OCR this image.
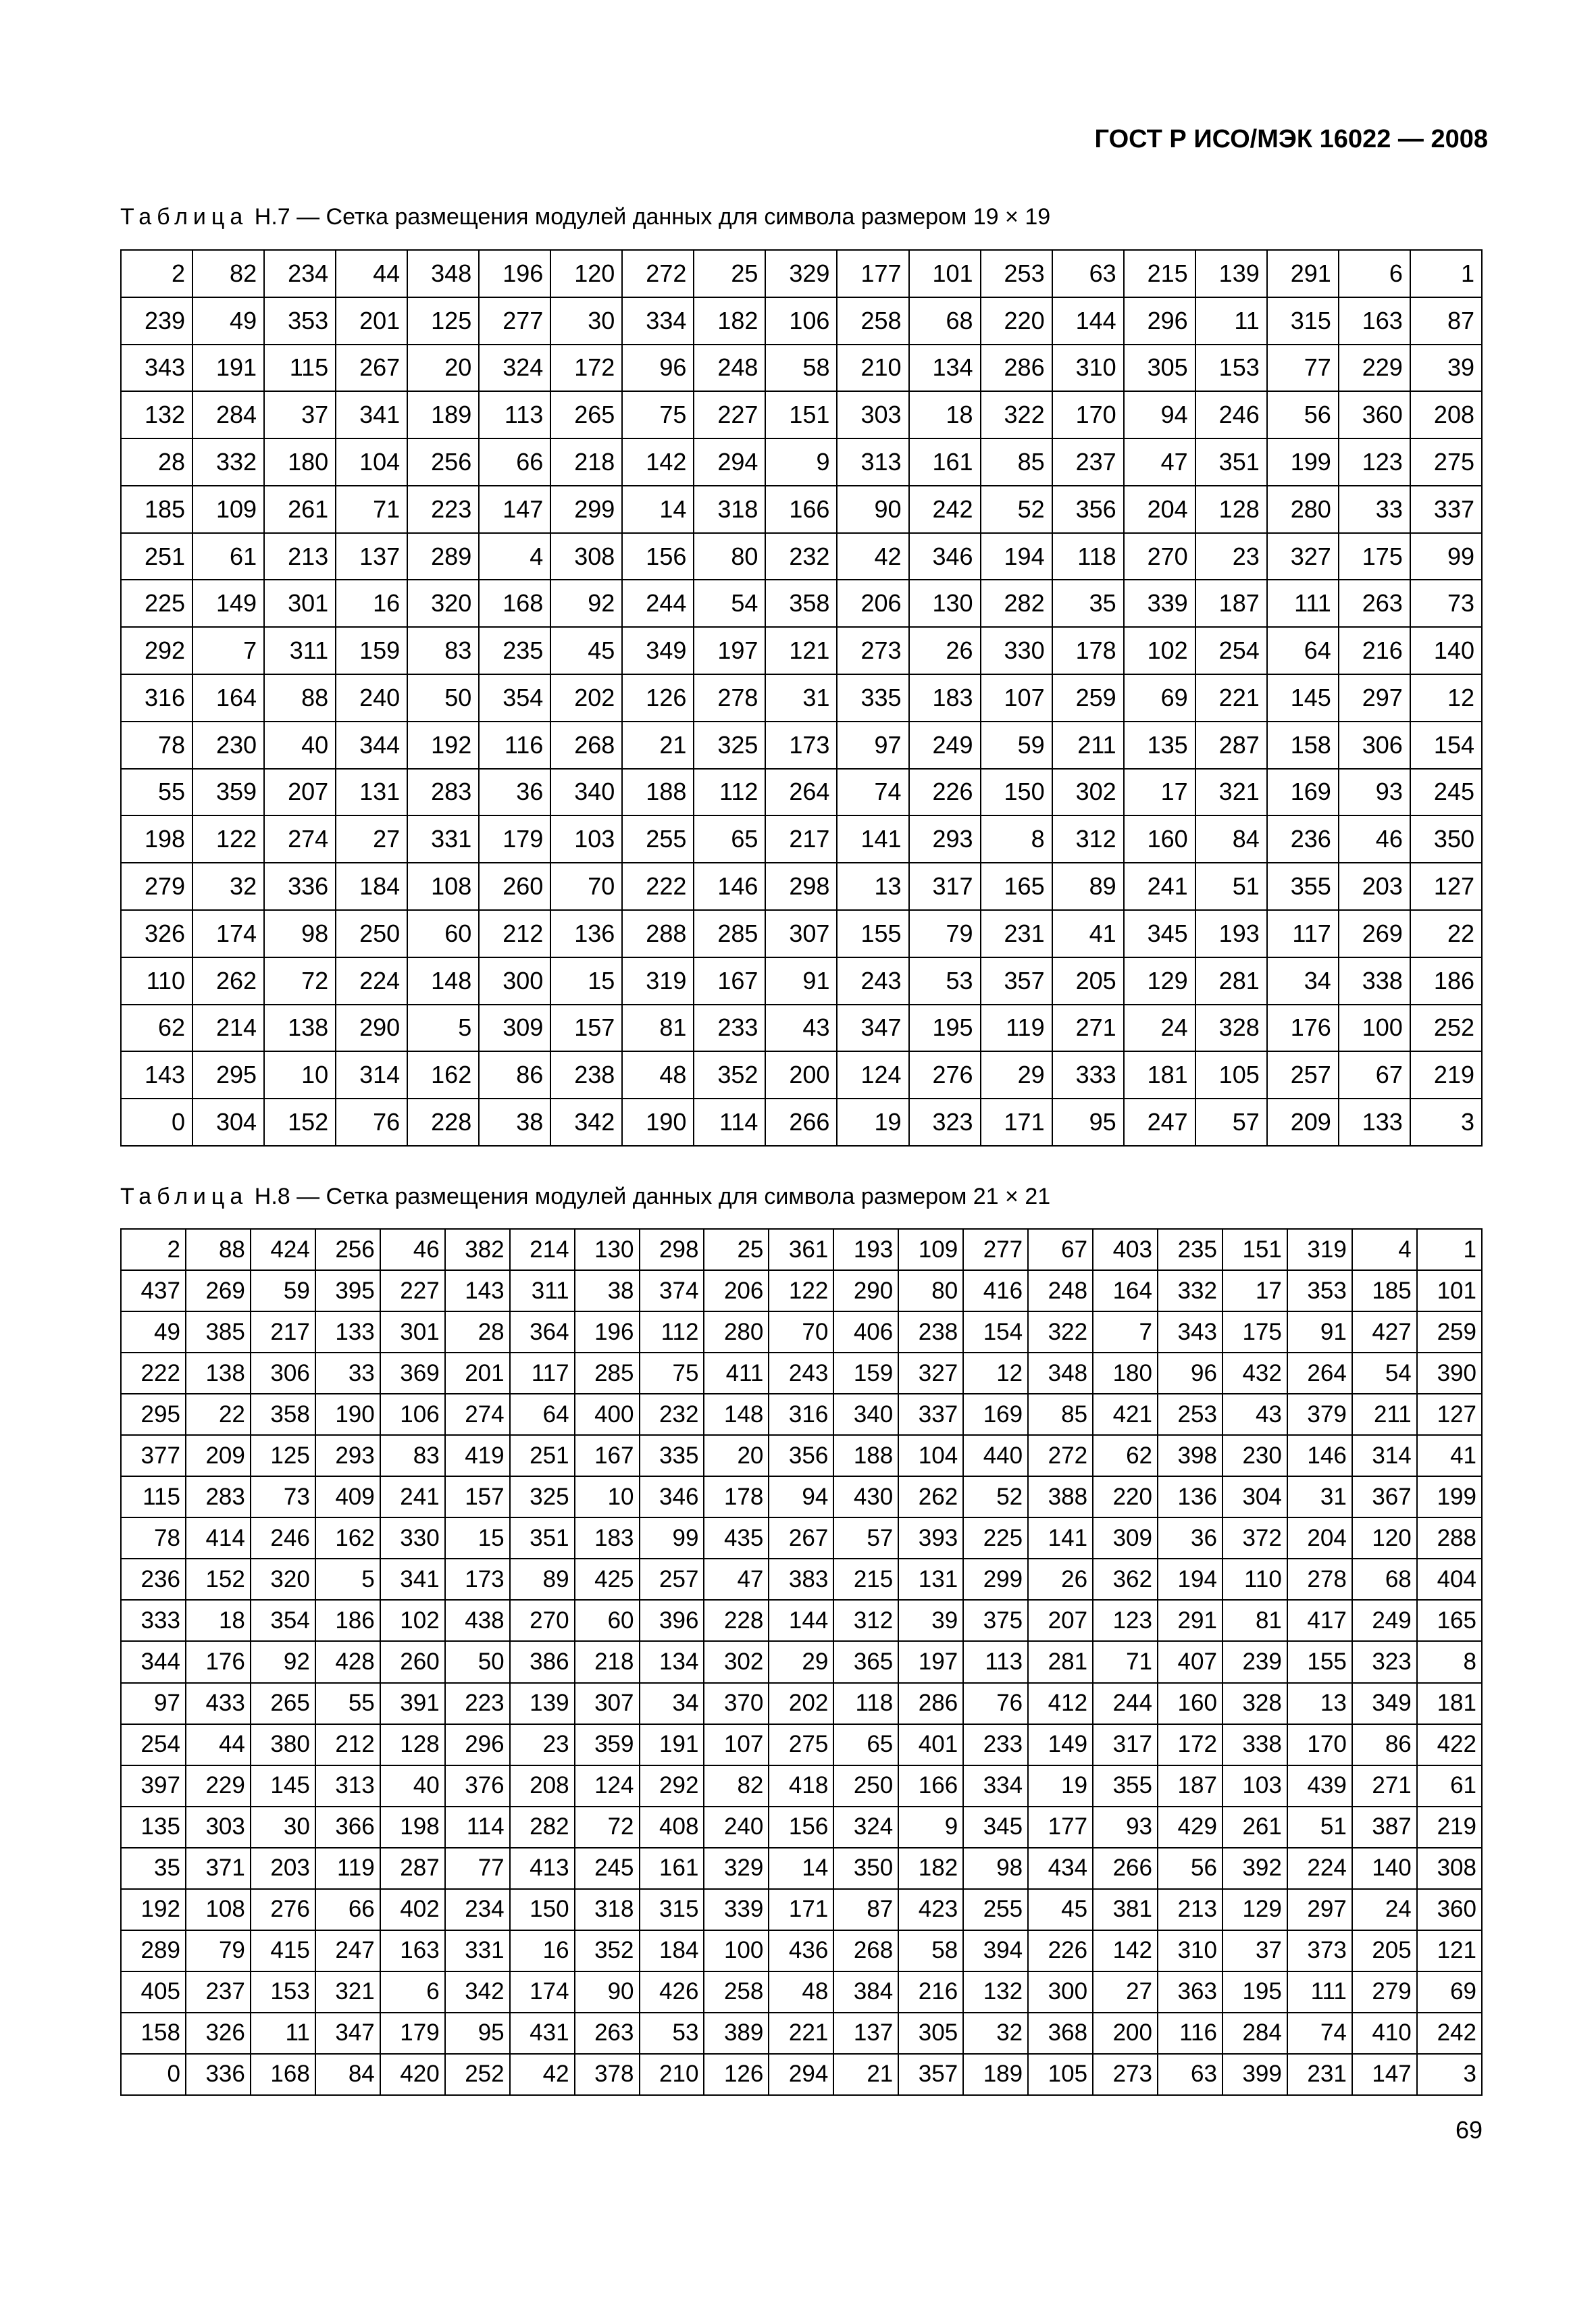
ГОСТ Р ИСО/МЭК 16022 — 2008
Таблица Н.7 — Сетка размещения модулей данных для символа размером 19 × 19
2	82	234	44	348	196	120	272	25	329	177	101	253	63	215	139	291	6	1
239	49	353	201	125	277	30	334	182	106	258	68	220	144	296	11	315	163	87
343	191	115	267	20	324	172	96	248	58	210	134	286	310	305	153	77	229	39
132	284	37	341	189	113	265	75	227	151	303	18	322	170	94	246	56	360	208
28	332	180	104	256	66	218	142	294	9	313	161	85	237	47	351	199	123	275
185	109	261	71	223	147	299	14	318	166	90	242	52	356	204	128	280	33	337
251	61	213	137	289	4	308	156	80	232	42	346	194	118	270	23	327	175	99
225	149	301	16	320	168	92	244	54	358	206	130	282	35	339	187	111	263	73
292	7	311	159	83	235	45	349	197	121	273	26	330	178	102	254	64	216	140
316	164	88	240	50	354	202	126	278	31	335	183	107	259	69	221	145	297	12
78	230	40	344	192	116	268	21	325	173	97	249	59	211	135	287	158	306	154
55	359	207	131	283	36	340	188	112	264	74	226	150	302	17	321	169	93	245
198	122	274	27	331	179	103	255	65	217	141	293	8	312	160	84	236	46	350
279	32	336	184	108	260	70	222	146	298	13	317	165	89	241	51	355	203	127
326	174	98	250	60	212	136	288	285	307	155	79	231	41	345	193	117	269	22
110	262	72	224	148	300	15	319	167	91	243	53	357	205	129	281	34	338	186
62	214	138	290	5	309	157	81	233	43	347	195	119	271	24	328	176	100	252
143	295	10	314	162	86	238	48	352	200	124	276	29	333	181	105	257	67	219
0	304	152	76	228	38	342	190	114	266	19	323	171	95	247	57	209	133	3
Таблица Н.8 — Сетка размещения модулей данных для символа размером 21 × 21
2	88	424	256	46	382	214	130	298	25	361	193	109	277	67	403	235	151	319	4	1
437	269	59	395	227	143	311	38	374	206	122	290	80	416	248	164	332	17	353	185	101
49	385	217	133	301	28	364	196	112	280	70	406	238	154	322	7	343	175	91	427	259
222	138	306	33	369	201	117	285	75	411	243	159	327	12	348	180	96	432	264	54	390
295	22	358	190	106	274	64	400	232	148	316	340	337	169	85	421	253	43	379	211	127
377	209	125	293	83	419	251	167	335	20	356	188	104	440	272	62	398	230	146	314	41
115	283	73	409	241	157	325	10	346	178	94	430	262	52	388	220	136	304	31	367	199
78	414	246	162	330	15	351	183	99	435	267	57	393	225	141	309	36	372	204	120	288
236	152	320	5	341	173	89	425	257	47	383	215	131	299	26	362	194	110	278	68	404
333	18	354	186	102	438	270	60	396	228	144	312	39	375	207	123	291	81	417	249	165
344	176	92	428	260	50	386	218	134	302	29	365	197	113	281	71	407	239	155	323	8
97	433	265	55	391	223	139	307	34	370	202	118	286	76	412	244	160	328	13	349	181
254	44	380	212	128	296	23	359	191	107	275	65	401	233	149	317	172	338	170	86	422
397	229	145	313	40	376	208	124	292	82	418	250	166	334	19	355	187	103	439	271	61
135	303	30	366	198	114	282	72	408	240	156	324	9	345	177	93	429	261	51	387	219
35	371	203	119	287	77	413	245	161	329	14	350	182	98	434	266	56	392	224	140	308
192	108	276	66	402	234	150	318	315	339	171	87	423	255	45	381	213	129	297	24	360
289	79	415	247	163	331	16	352	184	100	436	268	58	394	226	142	310	37	373	205	121
405	237	153	321	6	342	174	90	426	258	48	384	216	132	300	27	363	195	111	279	69
158	326	11	347	179	95	431	263	53	389	221	137	305	32	368	200	116	284	74	410	242
0	336	168	84	420	252	42	378	210	126	294	21	357	189	105	273	63	399	231	147	3
69
